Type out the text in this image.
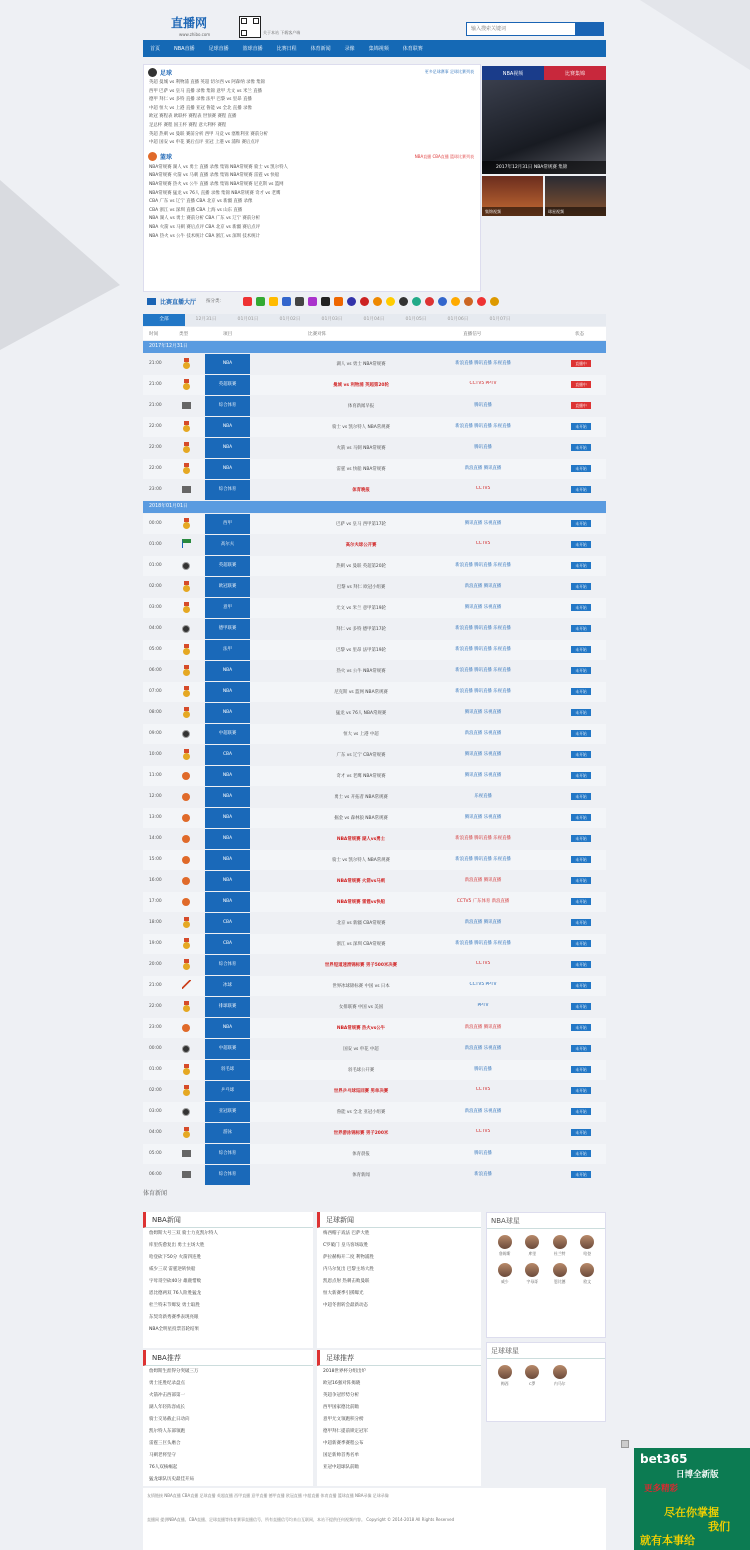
直播网
www.zhibo.com	关于本站 下载客户端
输入搜索关键词
首页	NBA直播	足球直播	篮球直播	比赛日程	体育新闻	录像	集锦视频	体育联赛
足球	更多足球赛事 足球比赛列表
英超 曼城 vs 利物浦 直播 英超 切尔西 vs 阿森纳 录像 集锦
西甲 巴萨 vs 皇马 直播 录像 集锦 意甲 尤文 vs 米兰 直播
德甲 拜仁 vs 多特 直播 录像 法甲 巴黎 vs 里昂 直播
中超 恒大 vs 上港 直播 亚冠 鲁能 vs 全北 直播 录像
欧冠 赛程表 欧联杯 赛程表 世预赛 赛程 直播
足总杯 赛程 国王杯 赛程 意大利杯 赛程
英超 热刺 vs 曼联 赛前分析 西甲 马竞 vs 塞维利亚 赛前分析
中超 国安 vs 申花 赛后点评 亚冠 上港 vs 浦和 赛后点评
篮球	NBA直播 CBA直播 篮球比赛列表
NBA常规赛 湖人 vs 勇士 直播 录像 集锦 NBA常规赛 骑士 vs 凯尔特人
NBA常规赛 火箭 vs 马刺 直播 录像 集锦 NBA常规赛 雷霆 vs 快船
NBA常规赛 热火 vs 公牛 直播 录像 集锦 NBA常规赛 尼克斯 vs 篮网
NBA常规赛 猛龙 vs 76人 直播 录像 集锦 NBA常规赛 奇才 vs 老鹰
CBA 广东 vs 辽宁 直播 CBA 北京 vs 新疆 直播 录像
CBA 浙江 vs 深圳 直播 CBA 上海 vs 山东 直播
NBA 湖人 vs 勇士 赛前分析 CBA 广东 vs 辽宁 赛前分析
NBA 火箭 vs 马刺 赛后点评 CBA 北京 vs 新疆 赛后点评
NBA 热火 vs 公牛 技术统计 CBA 浙江 vs 深圳 技术统计
NBA视频	比赛集锦
2017年12月31日 NBA常规赛 集锦
集锦视频	球星视频
比赛直播大厅 按分类：
全部	12月31日	01月01日	01月02日	01月03日	01月04日	01月05日	01月06日	01月07日
时间	类型	项目	比赛对阵	直播信号	状态
2017年12月31日
21:00	NBA	湖人 vs 勇士 NBA常规赛	新浪直播 腾讯直播 乐视直播	直播中
21:00	英超联赛	曼城 vs 利物浦 英超第20轮	CCTV5 PPTV	直播中
21:00	综合体育	体育新闻早报	腾讯直播	直播中
22:00	NBA	骑士 vs 凯尔特人 NBA常规赛	新浪直播 腾讯直播 乐视直播	未开始
22:00	NBA	火箭 vs 马刺 NBA常规赛	腾讯直播	未开始
22:00	NBA	雷霆 vs 快船 NBA常规赛	新浪直播 腾讯直播	未开始
23:00	综合体育	体育晚报	CCTV5	未开始
2018年01月01日
00:00	西甲	巴萨 vs 皇马 西甲第17轮	腾讯直播 乐视直播	未开始
01:00	高尔夫	高尔夫球公开赛	CCTV5	未开始
01:00	英超联赛	热刺 vs 曼联 英超第20轮	新浪直播 腾讯直播 乐视直播	未开始
02:00	欧冠联赛	巴黎 vs 拜仁 欧冠小组赛	新浪直播 腾讯直播	未开始
03:00	意甲	尤文 vs 米兰 意甲第19轮	腾讯直播 乐视直播	未开始
04:00	德甲联赛	拜仁 vs 多特 德甲第17轮	新浪直播 腾讯直播 乐视直播	未开始
05:00	法甲	巴黎 vs 里昂 法甲第19轮	新浪直播 腾讯直播 乐视直播	未开始
06:00	NBA	热火 vs 公牛 NBA常规赛	新浪直播 腾讯直播 乐视直播	未开始
07:00	NBA	尼克斯 vs 篮网 NBA常规赛	新浪直播 腾讯直播 乐视直播	未开始
08:00	NBA	猛龙 vs 76人 NBA常规赛	腾讯直播 乐视直播	未开始
09:00	中超联赛	恒大 vs 上港 中超	新浪直播 乐视直播	未开始
10:00	CBA	广东 vs 辽宁 CBA常规赛	腾讯直播 乐视直播	未开始
11:00	NBA	奇才 vs 老鹰 NBA常规赛	腾讯直播 乐视直播	未开始
12:00	NBA	勇士 vs 开拓者 NBA常规赛	乐视直播	未开始
13:00	NBA	掘金 vs 森林狼 NBA常规赛	腾讯直播 乐视直播	未开始
14:00	NBA	NBA常规赛 湖人vs勇士	新浪直播 腾讯直播 乐视直播	未开始
15:00	NBA	骑士 vs 凯尔特人 NBA常规赛	新浪直播 腾讯直播 乐视直播	未开始
16:00	NBA	NBA常规赛 火箭vs马刺	新浪直播 腾讯直播	未开始
17:00	NBA	NBA常规赛 雷霆vs快船	CCTV5 广东体育 新浪直播	未开始
18:00	CBA	北京 vs 新疆 CBA常规赛	新浪直播 腾讯直播	未开始
19:00	CBA	浙江 vs 深圳 CBA常规赛	新浪直播 腾讯直播 乐视直播	未开始
20:00	综合体育	世界短道速滑锦标赛 男子500米决赛	CCTV5	未开始
21:00	冰球	世界冰球锦标赛 中国 vs 日本	CCTV5 PPTV	未开始
22:00	排球联赛	女排联赛 中国 vs 美国	PPTV	未开始
23:00	NBA	NBA常规赛 热火vs公牛	新浪直播 腾讯直播	未开始
00:00	中超联赛	国安 vs 申花 中超	新浪直播 乐视直播	未开始
01:00	羽毛球	羽毛球公开赛	腾讯直播	未开始
02:00	乒乓球	世界乒乓球巡回赛 男单决赛	CCTV5	未开始
03:00	亚冠联赛	鲁能 vs 全北 亚冠小组赛	新浪直播 乐视直播	未开始
04:00	游泳	世界游泳锦标赛 男子200米	CCTV5	未开始
05:00	综合体育	体育晨报	腾讯直播	未开始
06:00	综合体育	体育新闻	新浪直播	未开始
体育新闻
NBA新闻
詹姆斯大号三双 骑士力克凯尔特人
库里伤愈复出 勇士主场大胜
哈登砍下50分 火箭四连胜
威少三双 雷霆逆转快船
字母哥空砍40分 雄鹿惜败
恩比德两双 76人险胜猛龙
杜兰特末节爆发 勇士取胜
东契奇新秀赛季表现亮眼
NBA全明星投票首轮结果
足球新闻
梅西帽子戏法 巴萨大胜
C罗破门 皇马客场取胜
萨拉赫梅开二度 利物浦胜
内马尔复出 巴黎主场大胜
凯恩点射 热刺击败曼联
恒大新赛季引援曝光
中超冬窗转会最新动态
NBA球星
詹姆斯	库里	杜兰特	哈登
威少	字母哥	恩比德	欧文
NBA推荐
詹姆斯生涯得分突破三万
勇士连胜纪录盘点
火箭冲击西部第一
湖人年轻阵容成长
骑士交易截止日动向
凯尔特人东部领跑
雷霆三巨头磨合
马刺老将坚守
76人双核崛起
猛龙球队历史最佳开局
足球推荐
2018世界杯分组出炉
欧冠16强对阵揭晓
英超争冠形势分析
西甲国家德比前瞻
意甲尤文领跑积分榜
德甲拜仁提前锁定冠军
中超新赛季赛程公布
国足新帅首秀名单
亚冠中超球队前瞻
足球球星
梅西	C罗	内马尔
友情链接 NBA直播 CBA直播 足球直播 英超直播 西甲直播 意甲直播 德甲直播 欧冠直播 中超直播 体育直播 篮球直播 NBA录像 足球录像
直播网 提供NBA直播、CBA直播、足球直播等体育赛事直播信号，所有直播信号均来自互联网，本站不提供任何视频内容。 Copyright © 2014-2018 All Rights Reserved
bet365
日博全新版
更多精彩
尽在你掌握
我们
就有本事给
